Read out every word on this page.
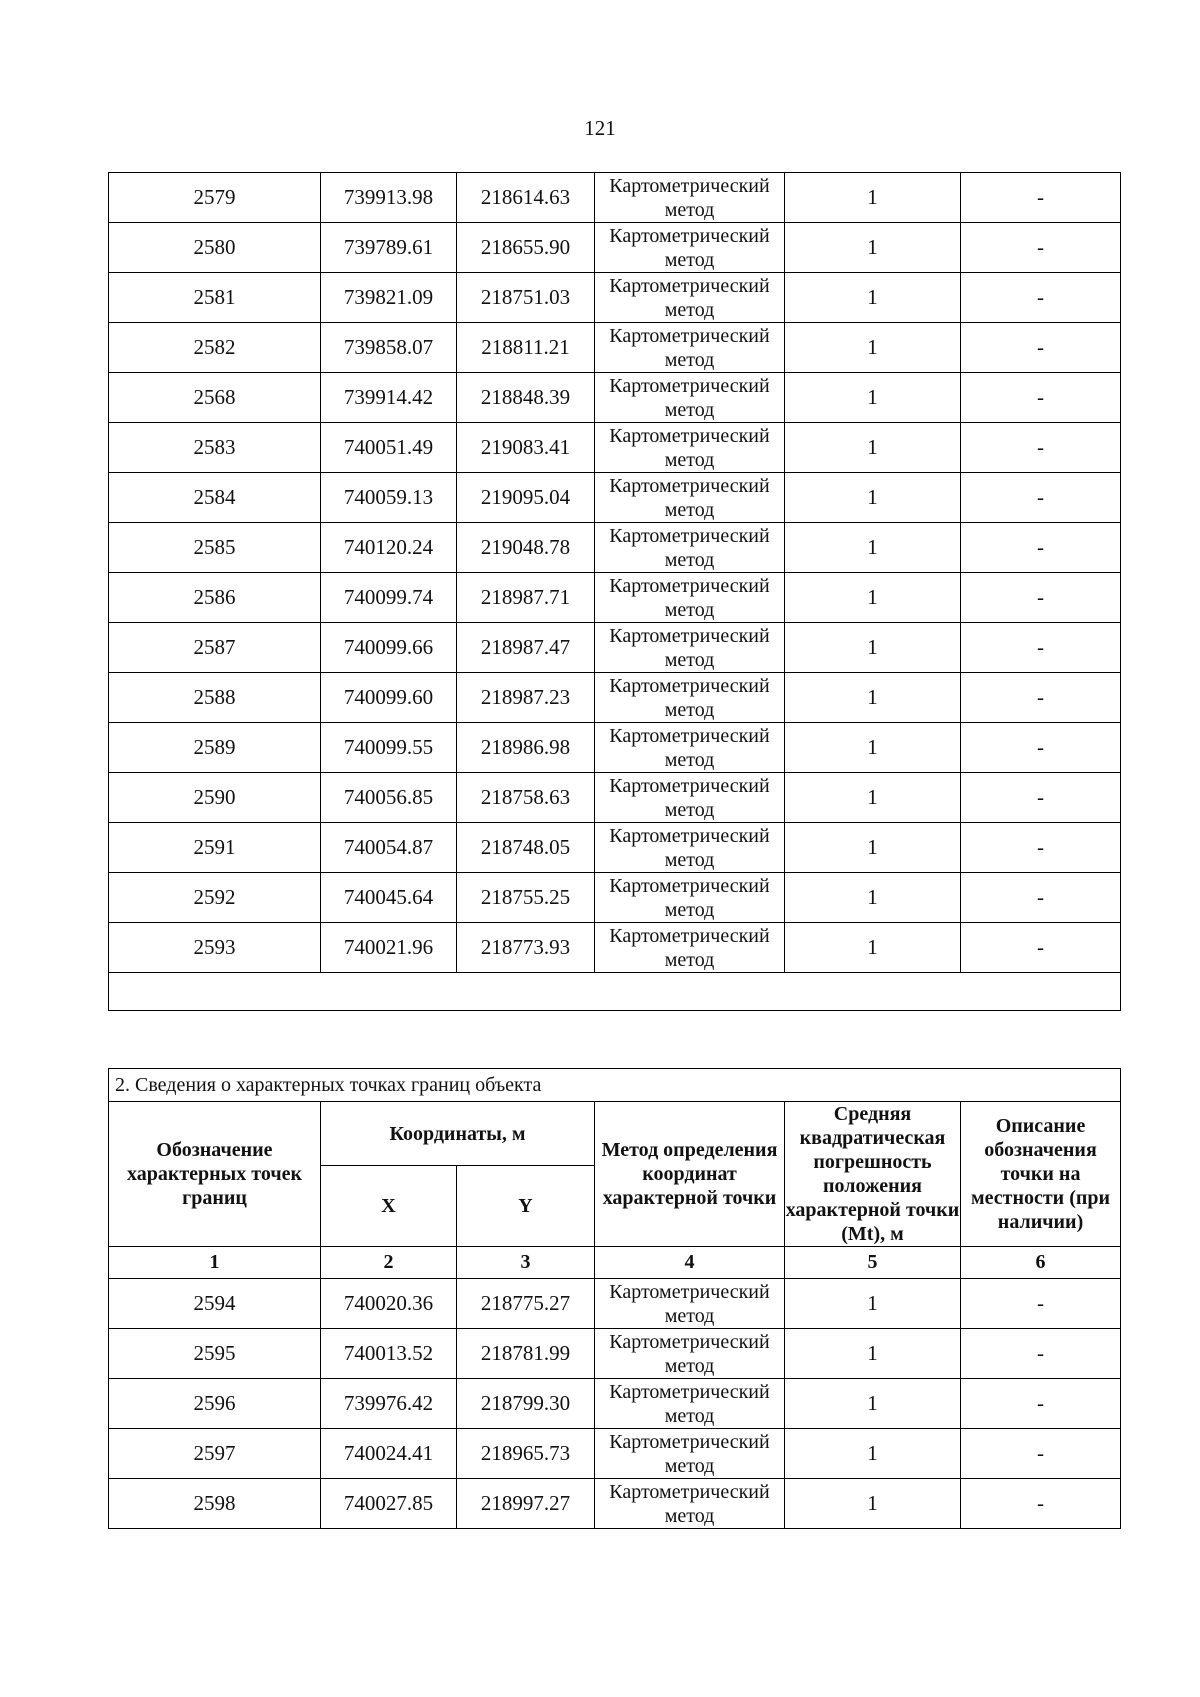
121
2579	739913.98	218614.63	Картометрический метод	1	-
2580	739789.61	218655.90	Картометрический метод	1	-
2581	739821.09	218751.03	Картометрический метод	1	-
2582	739858.07	218811.21	Картометрический метод	1	-
2568	739914.42	218848.39	Картометрический метод	1	-
2583	740051.49	219083.41	Картометрический метод	1	-
2584	740059.13	219095.04	Картометрический метод	1	-
2585	740120.24	219048.78	Картометрический метод	1	-
2586	740099.74	218987.71	Картометрический метод	1	-
2587	740099.66	218987.47	Картометрический метод	1	-
2588	740099.60	218987.23	Картометрический метод	1	-
2589	740099.55	218986.98	Картометрический метод	1	-
2590	740056.85	218758.63	Картометрический метод	1	-
2591	740054.87	218748.05	Картометрический метод	1	-
2592	740045.64	218755.25	Картометрический метод	1	-
2593	740021.96	218773.93	Картометрический метод	1	-

2. Сведения о характерных точках границ объекта					
Обозначение характерных точек границ	Координаты, м		Метод определения координат характерной точки	Средняя квадратическая погрешность положения характерной точки (Mt), м	Описание обозначения точки на местности (при наличии)
	X	Y			
1	2	3	4	5	6
2594	740020.36	218775.27	Картометрический метод	1	-
2595	740013.52	218781.99	Картометрический метод	1	-
2596	739976.42	218799.30	Картометрический метод	1	-
2597	740024.41	218965.73	Картометрический метод	1	-
2598	740027.85	218997.27	Картометрический метод	1	-
